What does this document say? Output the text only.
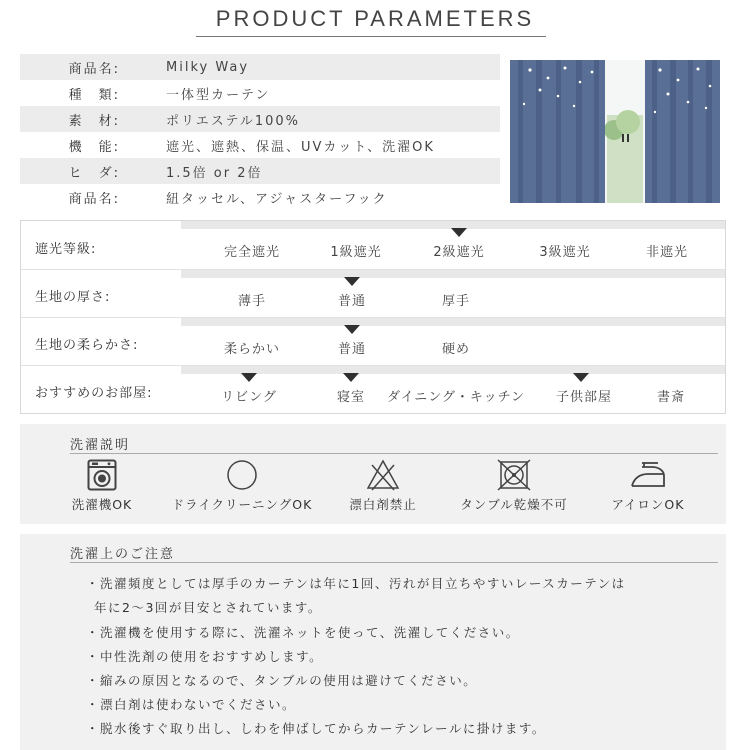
PRODUCT PARAMETERS
商品名:	Milky Way
種　類:	一体型カーテン
素　材:	ポリエステル100%
機　能:	遮光、遮熱、保温、UVカット、洗濯OK
ヒ　ダ:	1.5倍 or 2倍
商品名:	紐タッセル、アジャスターフック
遮光等級:	完全遮光	1級遮光	2級遮光	3級遮光	非遮光
生地の厚さ:	薄手	普通	厚手
生地の柔らかさ:	柔らかい	普通	硬め
おすすめのお部屋:	リビング	寝室 ダイニング・キッチン 子供部屋	書斎
洗濯説明
洗濯機OK	ドライクリーニングOK	漂白剤禁止	タンブル乾燥不可	アイロンOK
洗濯上のご注意
・洗濯頻度としては厚手のカーテンは年に1回、汚れが目立ちやすいレースカーテンは
年に2～3回が目安とされています。
・洗濯機を使用する際に、洗濯ネットを使って、洗濯してください。
・中性洗剤の使用をおすすめします。
・縮みの原因となるので、タンブルの使用は避けてください。
・漂白剤は使わないでください。
・脱水後すぐ取り出し、しわを伸ばしてからカーテンレールに掛けます。
